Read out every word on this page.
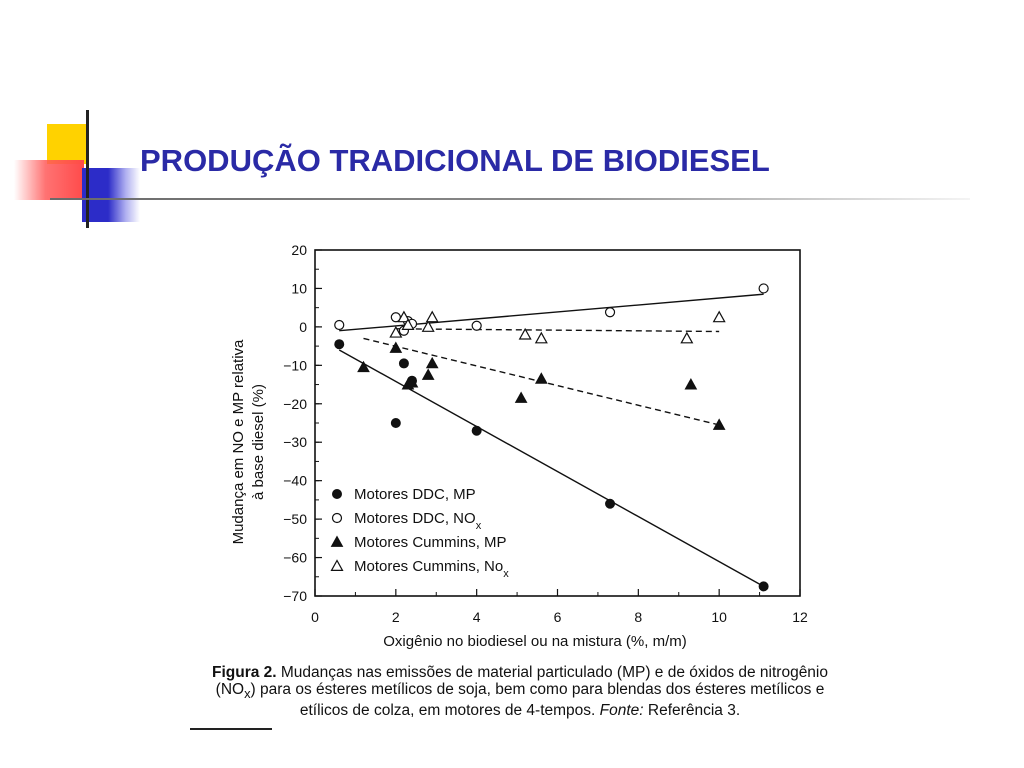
PRODUÇÃO TRADICIONAL DE BIODIESEL
20
10
0
−10
−20
−30
−40
−50
−60
−70
0	2	4	6	8	10	12
Motores DDC, MP
Motores DDC, $NO_x$
Motores Cummins, MP
Motores Cummins, $No_x$
Oxigênio no biodiesel ou na mistura (%, m/m)
Mudança em NO e MP relativa à base diesel (%)
Figura 2. Mudanças nas emissões de material particulado (MP) e de óxidos de nitrogênio $(NO_x)$ para os ésteres metílicos de soja, bem como para blendas dos ésteres metílicos e etílicos de colza, em motores de 4-tempos. Fonte: Referência 3.
